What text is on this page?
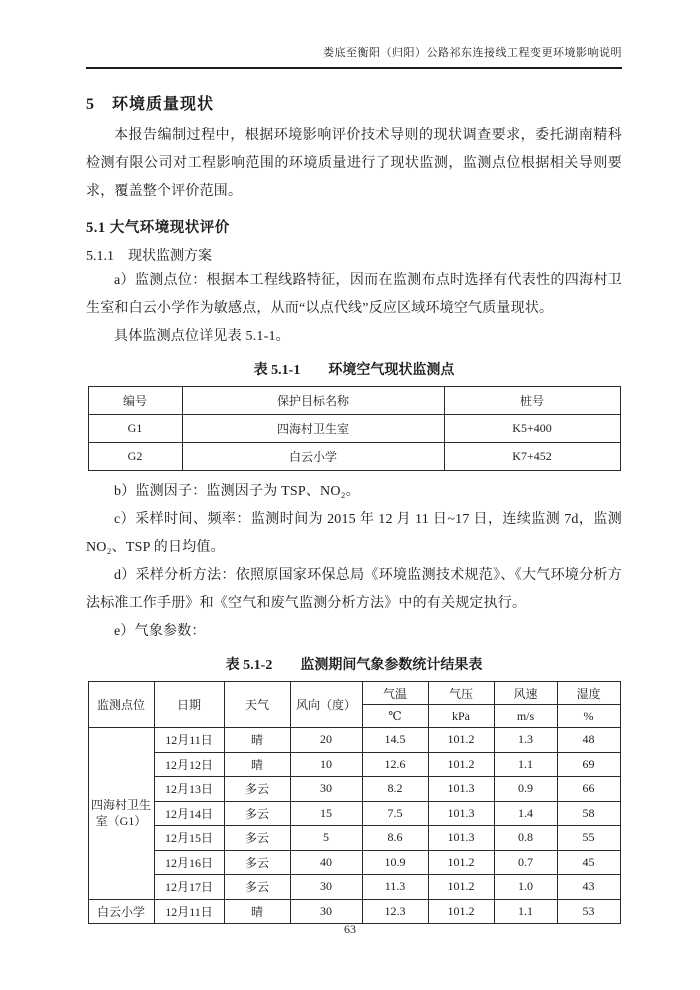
娄底至衡阳（归阳）公路祁东连接线工程变更环境影响说明
5　环境质量现状

本报告编制过程中，根据环境影响评价技术导则的现状调查要求，委托湖南精科检测有限公司对工程影响范围的环境质量进行了现状监测，监测点位根据相关导则要求，覆盖整个评价范围。

5.1 大气环境现状评价
5.1.1　现状监测方案

a）监测点位：根据本工程线路特征，因而在监测布点时选择有代表性的四海村卫生室和白云小学作为敏感点，从而“以点代线”反应区域环境空气质量现状。

具体监测点位详见表 5.1-1。

表 5.1-1　　环境空气现状监测点
编号	保护目标名称	桩号
G1	四海村卫生室	K5+400
G2	白云小学	K7+452

b）监测因子：监测因子为 TSP、NO₂。

c）采样时间、频率：监测时间为 2015 年 12 月 11 日~17 日，连续监测 7d，监测 NO₂、TSP 的日均值。

d）采样分析方法：依照原国家环保总局《环境监测技术规范》、《大气环境分析方法标准工作手册》和《空气和废气监测分析方法》中的有关规定执行。

e）气象参数：

表 5.1-2　　监测期间气象参数统计结果表
监测点位	日期	天气	风向（度）	气温	气压	风速	湿度
				℃	kPa	m/s	%
四海村卫生室（G1）	12月11日	晴	20	14.5	101.2	1.3	48
	12月12日	晴	10	12.6	101.2	1.1	69
	12月13日	多云	30	8.2	101.3	0.9	66
	12月14日	多云	15	7.5	101.3	1.4	58
	12月15日	多云	5	8.6	101.3	0.8	55
	12月16日	多云	40	10.9	101.2	0.7	45
	12月17日	多云	30	11.3	101.2	1.0	43
白云小学	12月11日	晴	30	12.3	101.2	1.1	53
63
